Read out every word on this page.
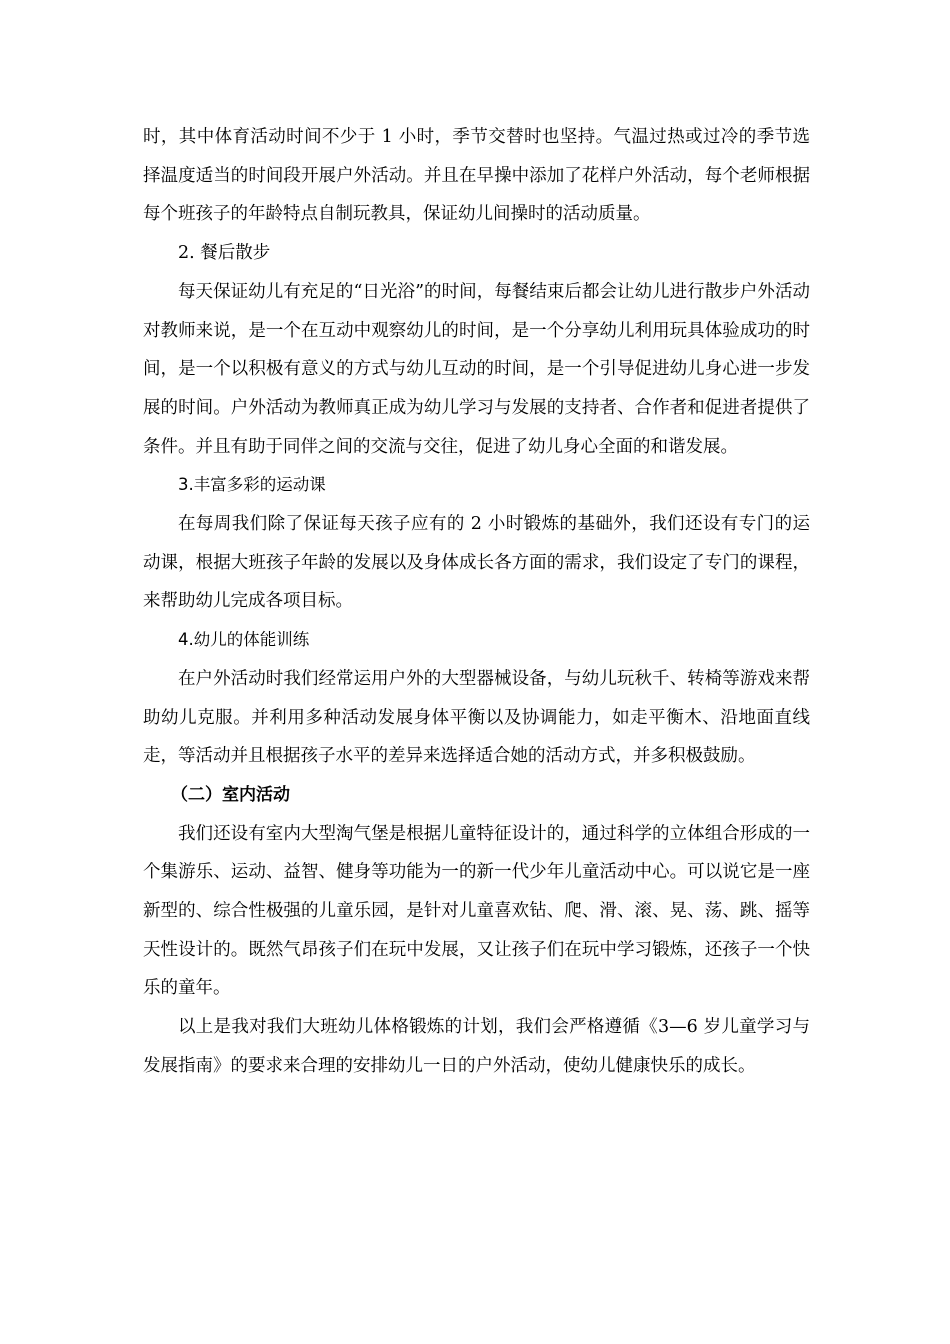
时，其中体育活动时间不少于 1 小时，季节交替时也坚持。气温过热或过冷的季节选择温度适当的时间段开展户外活动。并且在早操中添加了花样户外活动，每个老师根据每个班孩子的年龄特点自制玩教具，保证幼儿间操时的活动质量。

2. 餐后散步

每天保证幼儿有充足的“日光浴”的时间，每餐结束后都会让幼儿进行散步户外活动对教师来说，是一个在互动中观察幼儿的时间，是一个分享幼儿利用玩具体验成功的时间，是一个以积极有意义的方式与幼儿互动的时间，是一个引导促进幼儿身心进一步发展的时间。户外活动为教师真正成为幼儿学习与发展的支持者、合作者和促进者提供了条件。并且有助于同伴之间的交流与交往，促进了幼儿身心全面的和谐发展。

3.丰富多彩的运动课

在每周我们除了保证每天孩子应有的 2 小时锻炼的基础外，我们还设有专门的运动课，根据大班孩子年龄的发展以及身体成长各方面的需求，我们设定了专门的课程，来帮助幼儿完成各项目标。

4.幼儿的体能训练

在户外活动时我们经常运用户外的大型器械设备，与幼儿玩秋千、转椅等游戏来帮助幼儿克服。并利用多种活动发展身体平衡以及协调能力，如走平衡木、沿地面直线走，等活动并且根据孩子水平的差异来选择适合她的活动方式，并多积极鼓励。

（二）室内活动

我们还设有室内大型淘气堡是根据儿童特征设计的，通过科学的立体组合形成的一个集游乐、运动、益智、健身等功能为一的新一代少年儿童活动中心。可以说它是一座新型的、综合性极强的儿童乐园，是针对儿童喜欢钻、爬、滑、滚、晃、荡、跳、摇等天性设计的。既然气昂孩子们在玩中发展，又让孩子们在玩中学习锻炼，还孩子一个快乐的童年。

以上是我对我们大班幼儿体格锻炼的计划，我们会严格遵循《3—6 岁儿童学习与发展指南》的要求来合理的安排幼儿一日的户外活动，使幼儿健康快乐的成长。
